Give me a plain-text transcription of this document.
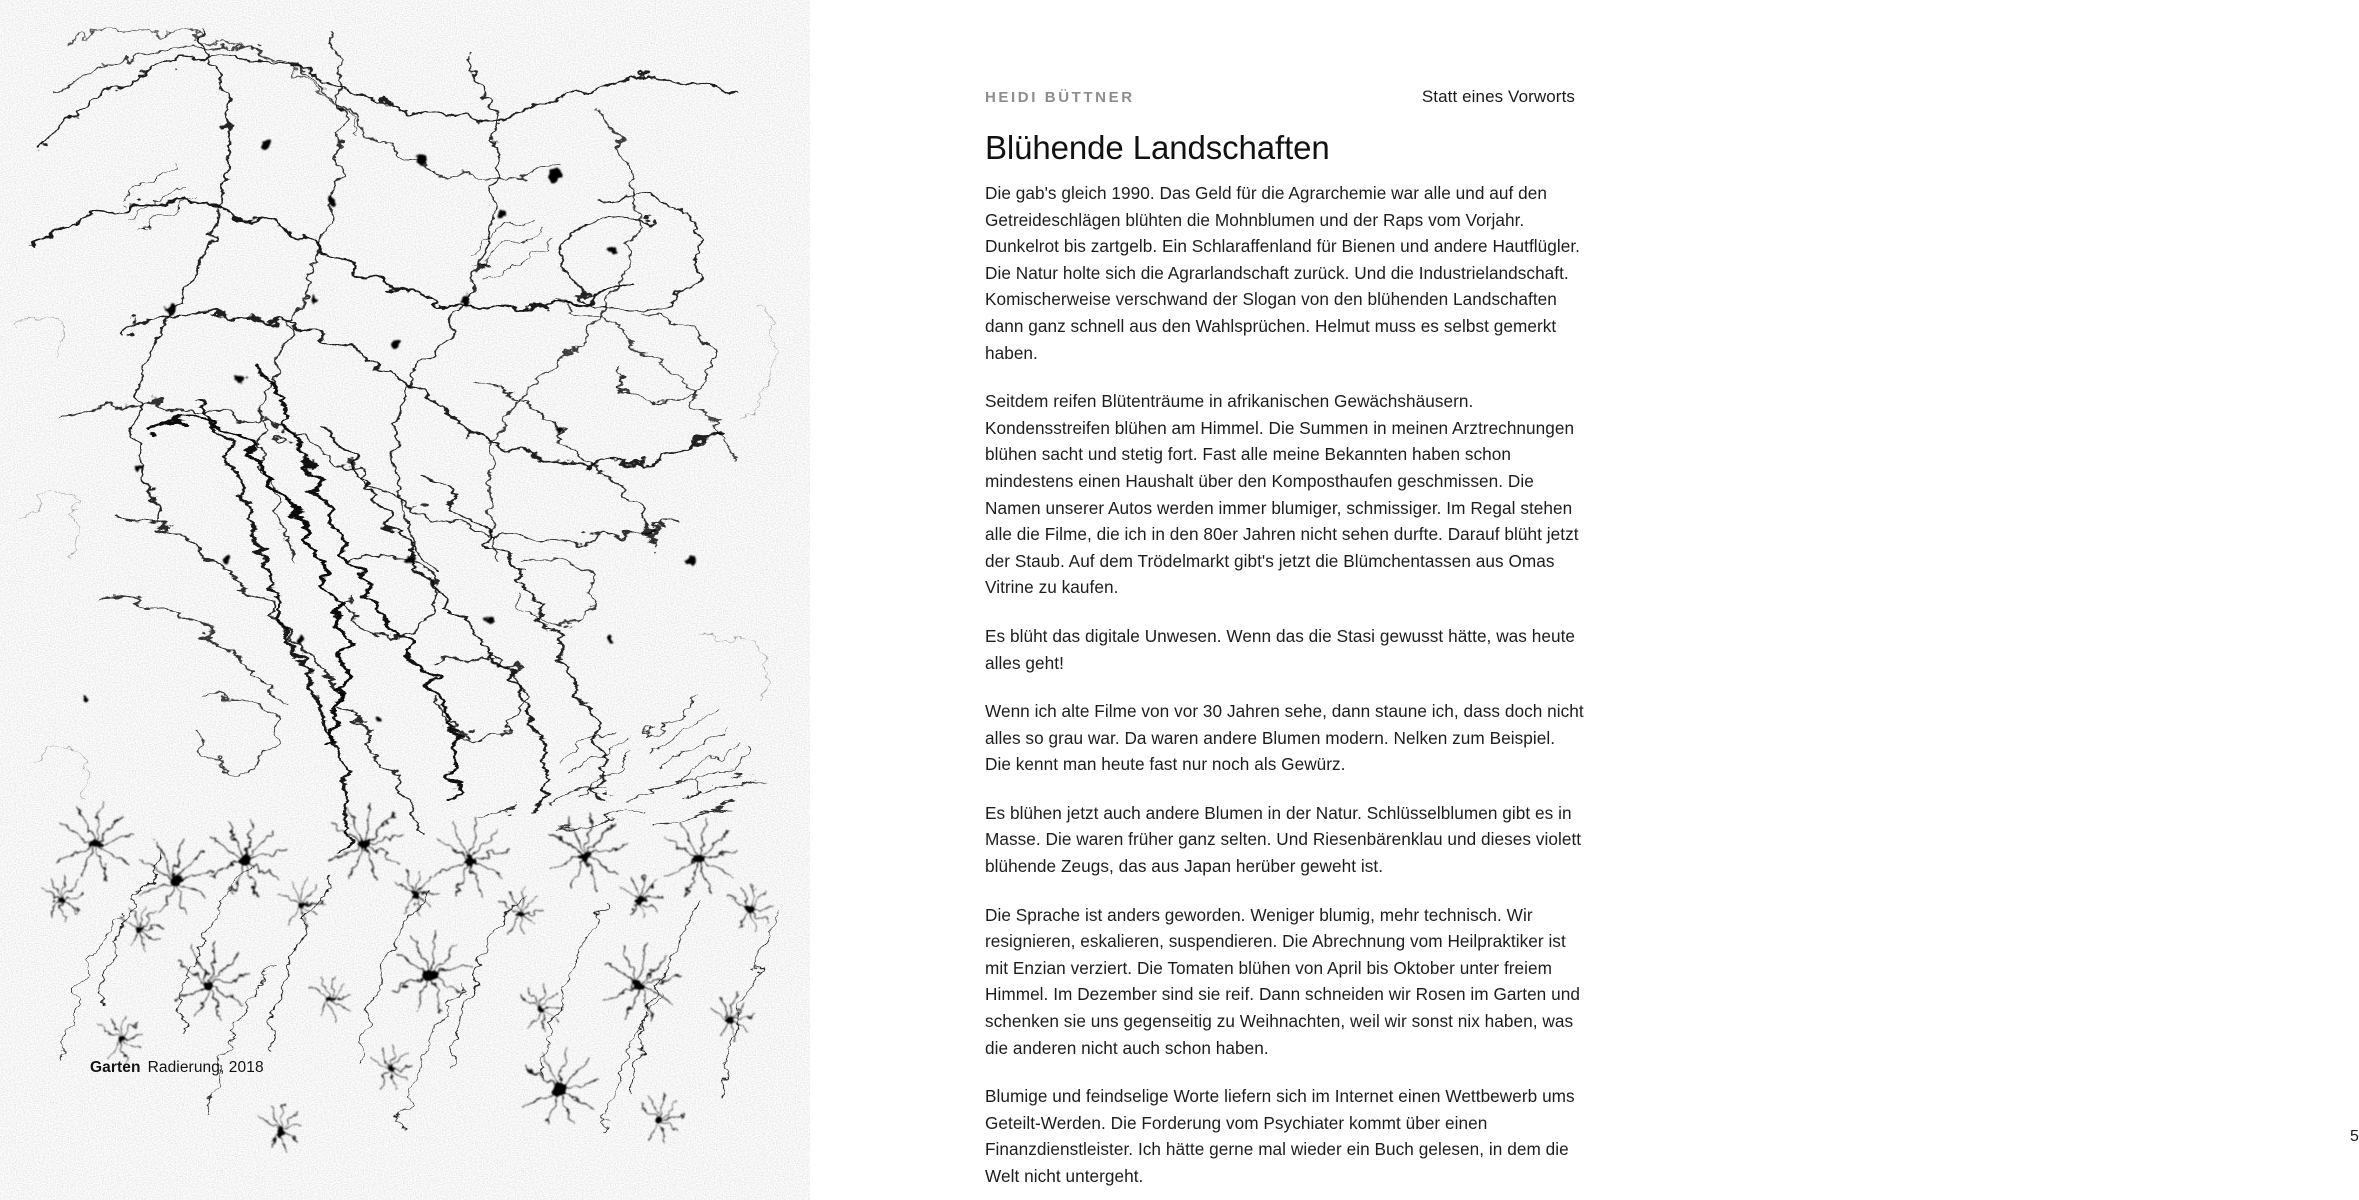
Garten Radierung, 2018
HEIDI BÜTTNER	Statt eines Vorworts
Blühende Landschaften

Die gab's gleich 1990. Das Geld für die Agrarchemie war alle und auf den Getreideschlägen blühten die Mohnblumen und der Raps vom Vorjahr. Dunkelrot bis zartgelb. Ein Schlaraffenland für Bienen und andere Hautflügler. Die Natur holte sich die Agrarlandschaft zurück. Und die Industrielandschaft. Komischerweise verschwand der Slogan von den blühenden Landschaften dann ganz schnell aus den Wahlsprüchen. Helmut muss es selbst gemerkt haben.

Seitdem reifen Blütenträume in afrikanischen Gewächshäusern. Kondensstreifen blühen am Himmel. Die Summen in meinen Arztrechnungen blühen sacht und stetig fort. Fast alle meine Bekannten haben schon mindestens einen Haushalt über den Komposthaufen geschmissen. Die Namen unserer Autos werden immer blumiger, schmissiger. Im Regal stehen alle die Filme, die ich in den 80er Jahren nicht sehen durfte. Darauf blüht jetzt der Staub. Auf dem Trödelmarkt gibt's jetzt die Blümchentassen aus Omas Vitrine zu kaufen.

Es blüht das digitale Unwesen. Wenn das die Stasi gewusst hätte, was heute alles geht!

Wenn ich alte Filme von vor 30 Jahren sehe, dann staune ich, dass doch nicht alles so grau war. Da waren andere Blumen modern. Nelken zum Beispiel. Die kennt man heute fast nur noch als Gewürz.

Es blühen jetzt auch andere Blumen in der Natur. Schlüsselblumen gibt es in Masse. Die waren früher ganz selten. Und Riesenbärenklau und dieses violett blühende Zeugs, das aus Japan herüber geweht ist.

Die Sprache ist anders geworden. Weniger blumig, mehr technisch. Wir resignieren, eskalieren, suspendieren. Die Abrechnung vom Heilpraktiker ist mit Enzian verziert. Die Tomaten blühen von April bis Oktober unter freiem Himmel. Im Dezember sind sie reif. Dann schneiden wir Rosen im Garten und schenken sie uns gegenseitig zu Weihnachten, weil wir sonst nix haben, was die anderen nicht auch schon haben.

Blumige und feindselige Worte liefern sich im Internet einen Wettbewerb ums Geteilt-Werden. Die Forderung vom Psychiater kommt über einen Finanzdienstleister. Ich hätte gerne mal wieder ein Buch gelesen, in dem die Welt nicht untergeht.

5
